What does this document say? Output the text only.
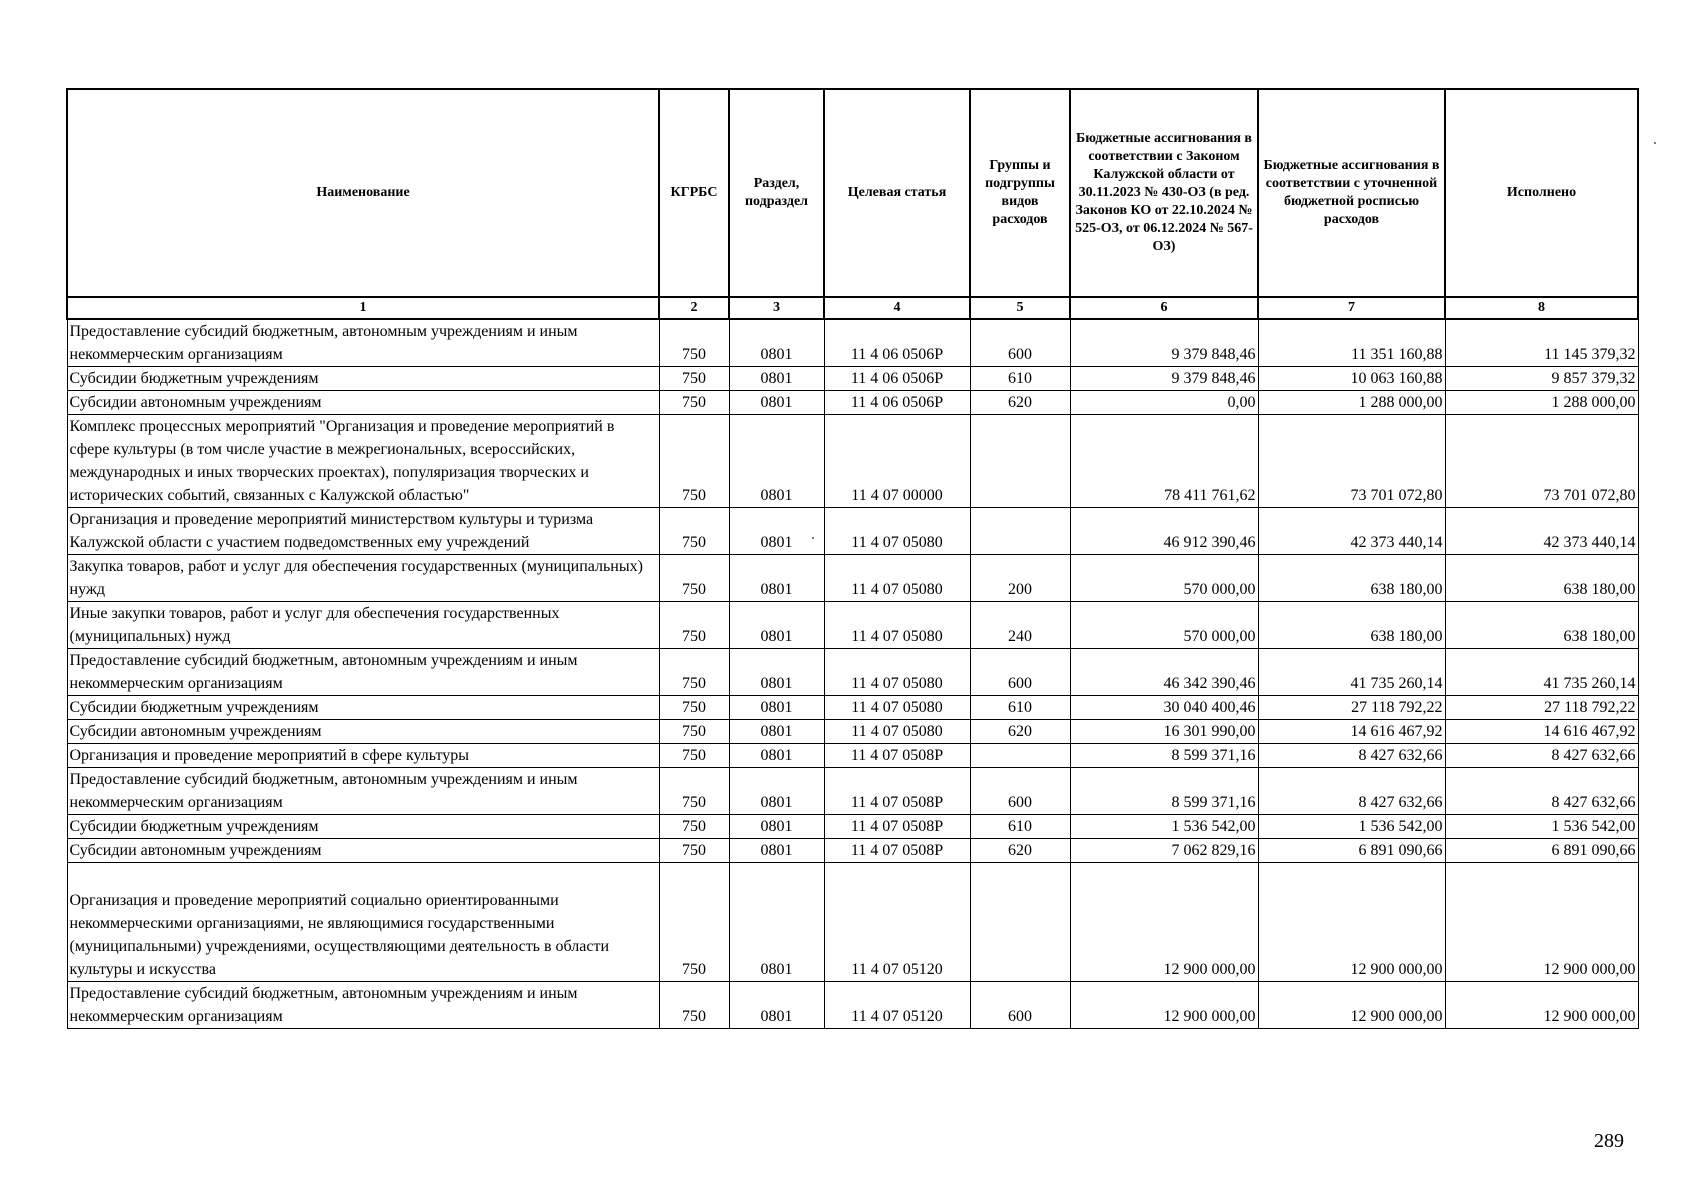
Наименование	КГРБС	Раздел, подраздел	Целевая статья	Группы и подгруппы видов расходов	Бюджетные ассигнования в соответствии с Законом Калужской области от 30.11.2023 № 430-ОЗ (в ред. Законов КО от 22.10.2024 № 525-ОЗ, от 06.12.2024 № 567-ОЗ)	Бюджетные ассигнования в соответствии с уточненной бюджетной росписью расходов	Исполнено
1	2	3	4	5	6	7	8
Предоставление субсидий бюджетным, автономным учреждениям и иным некоммерческим организациям	750	0801	11 4 06 0506Р	600	9 379 848,46	11 351 160,88	11 145 379,32
Субсидии бюджетным учреждениям	750	0801	11 4 06 0506Р	610	9 379 848,46	10 063 160,88	9 857 379,32
Субсидии автономным учреждениям	750	0801	11 4 06 0506Р	620	0,00	1 288 000,00	1 288 000,00
Комплекс процессных мероприятий "Организация и проведение мероприятий в сфере культуры (в том числе участие в межрегиональных, всероссийских, международных и иных творческих проектах), популяризация творческих и исторических событий, связанных с Калужской областью"	750	0801	11 4 07 00000		78 411 761,62	73 701 072,80	73 701 072,80
Организация и проведение мероприятий министерством культуры и туризма Калужской области с участием подведомственных ему учреждений	750	0801	11 4 07 05080		46 912 390,46	42 373 440,14	42 373 440,14
Закупка товаров, работ и услуг для обеспечения государственных (муниципальных) нужд	750	0801	11 4 07 05080	200	570 000,00	638 180,00	638 180,00
Иные закупки товаров, работ и услуг для обеспечения государственных (муниципальных) нужд	750	0801	11 4 07 05080	240	570 000,00	638 180,00	638 180,00
Предоставление субсидий бюджетным, автономным учреждениям и иным некоммерческим организациям	750	0801	11 4 07 05080	600	46 342 390,46	41 735 260,14	41 735 260,14
Субсидии бюджетным учреждениям	750	0801	11 4 07 05080	610	30 040 400,46	27 118 792,22	27 118 792,22
Субсидии автономным учреждениям	750	0801	11 4 07 05080	620	16 301 990,00	14 616 467,92	14 616 467,92
Организация и проведение мероприятий в сфере культуры	750	0801	11 4 07 0508Р		8 599 371,16	8 427 632,66	8 427 632,66
Предоставление субсидий бюджетным, автономным учреждениям и иным некоммерческим организациям	750	0801	11 4 07 0508Р	600	8 599 371,16	8 427 632,66	8 427 632,66
Субсидии бюджетным учреждениям	750	0801	11 4 07 0508Р	610	1 536 542,00	1 536 542,00	1 536 542,00
Субсидии автономным учреждениям	750	0801	11 4 07 0508Р	620	7 062 829,16	6 891 090,66	6 891 090,66
Организация и проведение мероприятий социально ориентированными некоммерческими организациями, не являющимися государственными (муниципальными) учреждениями, осуществляющими деятельность в области культуры и искусства	750	0801	11 4 07 05120		12 900 000,00	12 900 000,00	12 900 000,00
Предоставление субсидий бюджетным, автономным учреждениям и иным некоммерческим организациям	750	0801	11 4 07 05120	600	12 900 000,00	12 900 000,00	12 900 000,00
289
